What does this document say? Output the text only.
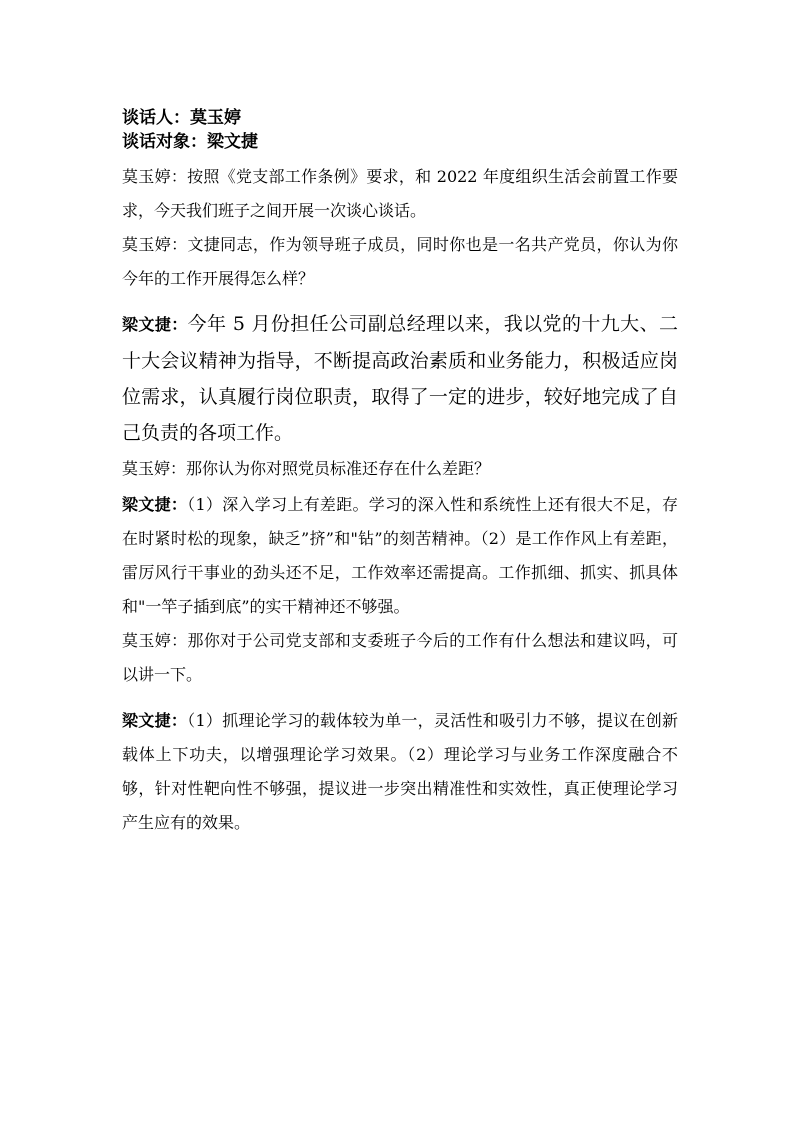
谈话人：莫玉婷

谈话对象：梁文捷

莫玉婷：按照《党支部工作条例》要求，和 2022 年度组织生活会前置工作要求，今天我们班子之间开展一次谈心谈话。

莫玉婷：文捷同志，作为领导班子成员，同时你也是一名共产党员，你认为你今年的工作开展得怎么样？

梁文捷：今年 5 月份担任公司副总经理以来，我以党的十九大、二十大会议精神为指导，不断提高政治素质和业务能力，积极适应岗位需求，认真履行岗位职责，取得了一定的进步，较好地完成了自己负责的各项工作。

莫玉婷：那你认为你对照党员标准还存在什么差距？

梁文捷：（1）深入学习上有差距。学习的深入性和系统性上还有很大不足，存在时紧时松的现象，缺乏”挤”和"钻”的刻苦精神。（2）是工作作风上有差距，雷厉风行干事业的劲头还不足，工作效率还需提高。工作抓细、抓实、抓具体和"一竿子插到底”的实干精神还不够强。

莫玉婷：那你对于公司党支部和支委班子今后的工作有什么想法和建议吗，可以讲一下。

梁文捷：（1）抓理论学习的载体较为单一，灵活性和吸引力不够，提议在创新载体上下功夫，以增强理论学习效果。（2）理论学习与业务工作深度融合不够，针对性靶向性不够强，提议进一步突出精准性和实效性，真正使理论学习产生应有的效果。
